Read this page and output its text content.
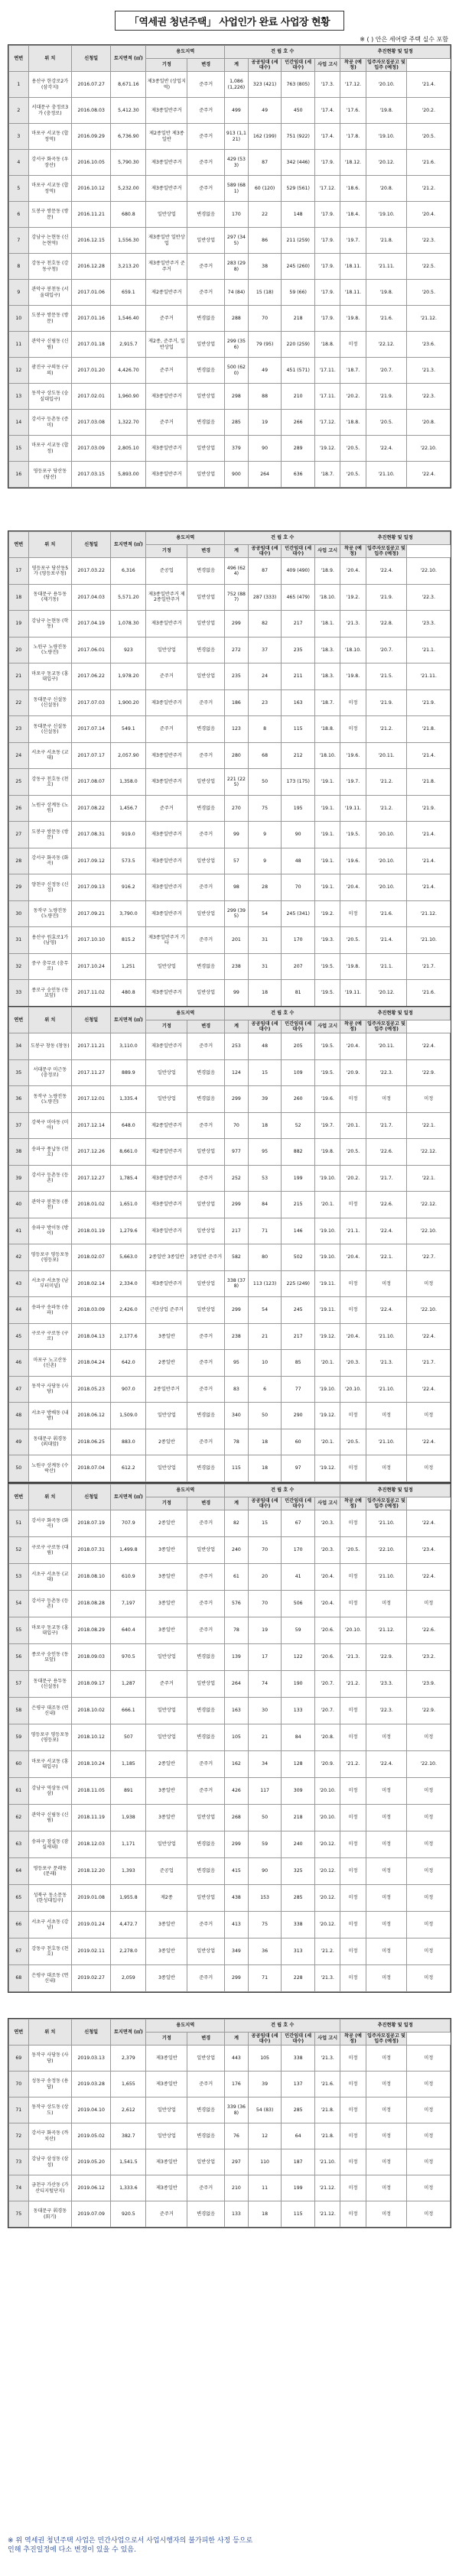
「역세권 청년주택」 사업인가 완료 사업장 현황
※ ( ) 안은 세어량 주택 실수 포함
연번	위 치	신청일	토지면적 (㎡)	용도지역		건 립 호 수				추진현황 및 일정		
				기정	변경	계	공공임대 (세대수)	민간임대 (세대수)	사업 고시	착공 (예정)	입주자모집공고 및 입주 (예정)	
1	용산구 한강로2가 (삼각지)	2016.07.27	8,671.16	제3종일반 (상업지역)	준주거	1,086 (1,226)	323 (421)	763 (805)	'17.3.	'17.12.	'20.10.	'21.4.
2	서대문구 충정로3가 (충정로)	2016.08.03	5,412.30	제3종일반주거	준주거	499	49	450	'17.4.	'17.6.	'19.8.	'20.2.
3	마포구 서교동 (합정역)	2016.09.29	6,736.90	제2종일반 제3종일반	준주거	913 (1,121)	162 (199)	751 (922)	'17.4.	'17.8.	'19.10.	'20.5.
4	강서구 화곡동 (우장산)	2016.10.05	5,790.30	제3종일반주거	준주거	429 (533)	87	342 (446)	'17.9.	'18.12.	'20.12.	'21.6.
5	마포구 서교동 (합정역)	2016.10.12	5,232.00	제3종일반주거	준주거	589 (681)	60 (120)	529 (561)	'17.12.	'18.6.	'20.8.	'21.2.
6	도봉구 쌍문동 (쌍문)	2016.11.21	680.8	일반상업	변경없음	170	22	148	'17.9.	'18.4.	'19.10.	'20.4.
7	강남구 논현동 (신논현역)	2016.12.15	1,556.30	제3종일반 일반상업	일반상업	297 (345)	86	211 (259)	'17.9.	'19.7.	'21.8.	'22.3.
8	강동구 천호동 (강동구청)	2016.12.28	3,213.20	제3종일반주거 준주거	준주거	283 (298)	38	245 (260)	'17.9.	'18.11.	'21.11.	'22.5.
9	관악구 봉천동 (서울대입구)	2017.01.06	659.1	제2종일반주거	준주거	74 (84)	15 (18)	59 (66)	'17.9.	'18.11.	'19.8.	'20.5.
10	도봉구 쌍문동 (쌍문)	2017.01.16	1,546.40	준주거	변경없음	288	70	218	'17.9.	'19.8.	'21.6.	'21.12.
11	관악구 신림동 (신림)	2017.01.18	2,915.7	제2종, 준주거, 일반상업	일반상업	299 (356)	79 (95)	220 (259)	'18.8.	미정	'22.12.	'23.6.
12	광진구 구의동 (구의)	2017.01.20	4,426.70	준주거	변경없음	500 (620)	49	451 (571)	'17.11.	'18.7.	'20.7.	'21.3.
13	동작구 상도동 (숭실대입구)	2017.02.01	1,960.90	제3종일반주거	일반상업	298	88	210	'17.11.	'20.2.	'21.9.	'22.3.
14	강서구 등촌동 (증미)	2017.03.08	1,322.70	준주거	변경없음	285	19	266	'17.12.	'18.8.	'20.5.	'20.8.
15	마포구 서교동 (합정)	2017.03.09	2,805.10	제3종일반주거	일반상업	379	90	289	'19.12.	'20.5.	'22.4.	'22.10.
16	영등포구 당산동 (당산)	2017.03.15	5,893.00	제3종일반주거	일반상업	900	264	636	'18.7.	'20.5.	'21.10.	'22.4.
연번	위 치	신청일	토지면적 (㎡)	용도지역		건 립 호 수				추진현황 및 일정		
				기정	변경	계	공공임대 (세대수)	민간임대 (세대수)	사업 고시	착공 (예정)	입주자모집공고 및 입주 (예정)	
17	영등포구 당산동5가 (영등포구청)	2017.03.22	6,316	준공업	변경없음	496 (624)	87	409 (490)	'18.9.	'20.4.	'22.4.	'22.10.
18	동대문구 용두동 (제기동)	2017.04.03	5,571.20	제3종일반주거 제2종일반주거	일반상업	752 (887)	287 (333)	465 (479)	'18.10.	'19.2.	'21.9.	'22.3.
19	강남구 논현동 (학동)	2017.04.19	1,078.30	제3종일반주거	일반상업	299	82	217	'18.1.	'21.3.	'22.8.	'23.3.
20	노원구 노량진동 (노량진)	2017.06.01	923	일반상업	변경없음	272	37	235	'18.3.	'18.10.	'20.7.	'21.1.
21	마포구 동교동 (홍대입구)	2017.06.22	1,978.20	준주거	일반상업	235	24	211	'18.3.	'19.8.	'21.5.	'21.11.
22	동대문구 신설동 (신설동)	2017.07.03	1,900.20	제3종일반주거	준주거	186	23	163	'18.7.	미정	'21.9.	'21.9.
23	동대문구 신설동 (신설동)	2017.07.14	549.1	준주거	변경없음	123	8	115	'18.8.	미정	'21.2.	'21.8.
24	서초구 서초동 (교대)	2017.07.17	2,057.90	제3종일반주거	준주거	280	68	212	'18.10.	'19.6.	'20.11.	'21.4.
25	강동구 천호동 (천호)	2017.08.07	1,358.0	제3종일반주거	일반상업	221 (225)	50	173 (175)	'19.1.	'19.7.	'21.2.	'21.8.
26	노원구 상계동 (노원)	2017.08.22	1,456.7	준주거	변경없음	270	75	195	'19.1.	'19.11.	'21.2.	'21.9.
27	도봉구 쌍문동 (쌍문)	2017.08.31	919.0	제3종일반주거	준주거	99	9	90	'19.1.	'19.5.	'20.10.	'21.4.
28	강서구 화곡동 (화곡)	2017.09.12	573.5	제3종일반주거	일반상업	57	9	48	'19.1.	'19.6.	'20.10.	'21.4.
29	양천구 신정동 (신정)	2017.09.13	916.2	제3종일반주거	준주거	98	28	70	'19.1.	'20.4.	'20.10.	'21.4.
30	동작구 노량진동 (노량진)	2017.09.21	3,790.0	제3종일반주거	일반상업	299 (395)	54	245 (341)	'19.2.	미정	'21.6.	'21.12.
31	용산구 원효로1가 (남영)	2017.10.10	815.2	제3종일반주거 기타	준주거	201	31	170	'19.3.	'20.5.	'21.4.	'21.10.
32	중구 충무로 (충무로)	2017.10.24	1,251	일반상업	변경없음	238	31	207	'19.5.	'19.8.	'21.1.	'21.7.
33	종로구 숭인동 (동묘앞)	2017.11.02	480.8	제3종일반주거	일반상업	99	18	81	'19.5.	'19.11.	'20.12.	'21.6.
연번	위 치	신청일	토지면적 (㎡)	용도지역		건 립 호 수				추진현황 및 일정		
				기정	변경	계	공공임대 (세대수)	민간임대 (세대수)	사업 고시	착공 (예정)	입주자모집공고 및 입주 (예정)	
34	도봉구 창동 (창동)	2017.11.21	3,110.0	제3종일반주거	준주거	253	48	205	'19.5.	'20.4.	'20.11.	'22.4.
35	서대문구 미근동 (충정로)	2017.11.27	889.9	일반상업	변경없음	124	15	109	'19.5.	'20.9.	'22.3.	'22.9.
36	동작구 노량진동 (노량진)	2017.12.01	1,335.4	일반상업	변경없음	299	39	260	'19.6.	미정	미정	미정
37	강북구 미아동 (미아)	2017.12.14	648.0	제2종일반주거	준주거	70	18	52	'19.7.	'20.1.	'21.7.	'22.1.
38	송파구 풍납동 (천호)	2017.12.26	8,661.0	제2종일반주거	일반상업	977	95	882	'19.8.	'20.5.	'22.6.	'22.12.
39	강서구 등촌동 (등촌)	2017.12.27	1,785.4	제3종일반주거	준주거	252	53	199	'19.10.	'20.2.	'21.7.	'22.1.
40	관악구 봉천동 (봉천)	2018.01.02	1,651.0	제3종일반주거	일반상업	299	84	215	'20.1.	미정	'22.6.	'22.12.
41	송파구 방이동 (방이)	2018.01.19	1,279.6	제3종일반주거	일반상업	217	71	146	'19.10.	'21.1.	'22.4.	'22.10.
42	영등포구 영등포동 (영등포)	2018.02.07	5,663.0	2종일반 3종일반	3종일반 준주거	582	80	502	'19.10.	'20.4.	'22.1.	'22.7.
43	서초구 서초동 (남부터미널)	2018.02.14	2,334.0	제3종일반주거	일반상업	338 (378)	113 (123)	225 (249)	'19.11.	미정	미정	미정
44	송파구 송파동 (송파)	2018.03.09	2,426.0	근린상업 준주거	일반상업	299	54	245	'19.11.	미정	'22.4.	'22.10.
45	구로구 구로동 (구로)	2018.04.13	2,177.6	3종일반	준주거	238	21	217	'19.12.	'20.4.	'21.10.	'22.4.
46	마포구 노고산동 (신촌)	2018.04.24	642.0	2종일반	준주거	95	10	85	'20.1.	'20.3.	'21.3.	'21.7.
47	동작구 사당동 (사당)	2018.05.23	907.0	2종일반주거	준주거	83	6	77	'19.10.	'20.10.	'21.10.	'22.4.
48	서초구 방배동 (내방)	2018.06.12	1,509.0	일반상업	변경없음	340	50	290	'19.12.	미정	미정	미정
49	동대문구 휘경동 (외대앞)	2018.06.25	883.0	2종일반	준주거	78	18	60	'20.1.	'20.5.	'21.10.	'22.4.
50	노원구 상계동 (수락산)	2018.07.04	612.2	일반상업	변경없음	115	18	97	'19.12.	미정	미정	미정
연번	위 치	신청일	토지면적 (㎡)	용도지역		건 립 호 수				추진현황 및 일정		
				기정	변경	계	공공임대 (세대수)	민간임대 (세대수)	사업 고시	착공 (예정)	입주자모집공고 및 입주 (예정)	
51	강서구 화곡동 (화곡)	2018.07.19	707.9	2종일반	준주거	82	15	67	'20.3.	미정	'21.10.	'22.4.
52	구로구 구로동 (대림)	2018.07.31	1,499.8	3종일반	일반상업	240	70	170	'20.3.	'20.5.	'22.10.	'23.4.
53	서초구 서초동 (교대)	2018.08.10	610.9	3종일반	준주거	61	20	41	'20.4.	미정	'21.10.	'22.4.
54	강서구 등촌동 (등촌)	2018.08.28	7,197	3종일반	준주거	576	70	506	'20.4.	미정	미정	미정
55	마포구 동교동 (홍대입구)	2018.08.29	640.4	3종일반	준주거	78	19	59	'20.6.	'20.10.	'21.12.	'22.6.
56	종로구 숭인동 (동묘앞)	2018.09.03	970.5	일반상업	변경없음	139	17	122	'20.6.	'21.3.	'22.9.	'23.2.
57	동대문구 용두동 (신설동)	2018.09.17	1,287	준주거	일반상업	264	74	190	'20.7.	'21.2.	'23.3.	'23.9.
58	은평구 대조동 (연신내)	2018.10.02	666.1	일반상업	변경없음	163	30	133	'20.7.	미정	'22.3.	'22.9.
59	영등포구 영등포동 (영등포)	2018.10.12	507	일반상업	변경없음	105	21	84	'20.8.	미정	미정	미정
60	마포구 서교동 (홍대입구)	2018.10.24	1,185	2종일반	준주거	162	34	128	'20.9.	'21.2.	'22.4.	'22.10.
61	강남구 역삼동 (역삼)	2018.11.05	891	3종일반	준주거	426	117	309	'20.10.	미정	미정	미정
62	관악구 신림동 (신림)	2018.11.19	1,938	3종일반	일반상업	268	50	218	'20.10.	미정	미정	미정
63	송파구 잠실동 (잠실새내)	2018.12.03	1,171	일반상업	변경없음	299	59	240	'20.12.	미정	미정	미정
64	영등포구 문래동 (문래)	2018.12.20	1,393	준공업	변경없음	415	90	325	'20.12.	미정	미정	미정
65	성북구 동소문동 (한성대입구)	2019.01.08	1,955.8	제2종	일반상업	438	153	285	'20.12.	미정	미정	미정
66	서초구 서초동 (강남)	2019.01.24	4,472.7	3종일반	준주거	413	75	338	'20.12.	미정	미정	미정
67	강동구 천호동 (천호)	2019.02.11	2,278.0	3종일반	일반상업	349	36	313	'21.2.	미정	미정	미정
68	은평구 대조동 (연신내)	2019.02.27	2,059	3종일반	준주거	299	71	228	'21.3.	미정	미정	미정
연번	위 치	신청일	토지면적 (㎡)	용도지역		건 립 호 수				추진현황 및 일정		
				기정	변경	계	공공임대 (세대수)	민간임대 (세대수)	사업 고시	착공 (예정)	입주자모집공고 및 입주 (예정)	
69	동작구 사당동 (사당)	2019.03.13	2,379	제3종일반	일반상업	443	105	338	'21.3.	미정	미정	미정
70	성동구 송정동 (용답)	2019.03.28	1,655	제3종일반	준주거	176	39	137	'21.6.	미정	미정	미정
71	동작구 상도동 (상도)	2019.04.10	2,612	일반상업	변경없음	339 (368)	54 (83)	285	'21.8.	미정	미정	미정
72	강서구 화곡동 (까치산)	2019.05.02	382.7	일반상업	변경없음	76	12	64	'21.8.	미정	미정	미정
73	강남구 삼성동 (삼성)	2019.05.20	1,541.5	제3종일반	일반상업	297	110	187	'21.10.	미정	미정	미정
74	금천구 가산동 (가산디지털단지)	2019.06.12	1,333.6	제3종일반	준주거	210	11	199	'21.12.	미정	미정	미정
75	동대문구 휘경동 (회기)	2019.07.09	920.5	준주거	변경없음	133	18	115	'21.12.	미정	미정	미정
※ 위 역세권 청년주택 사업은 민간사업으로서 사업시행자의 불가피한 사정 등으로
인해 추진일정에 다소 변경이 있을 수 있음.
